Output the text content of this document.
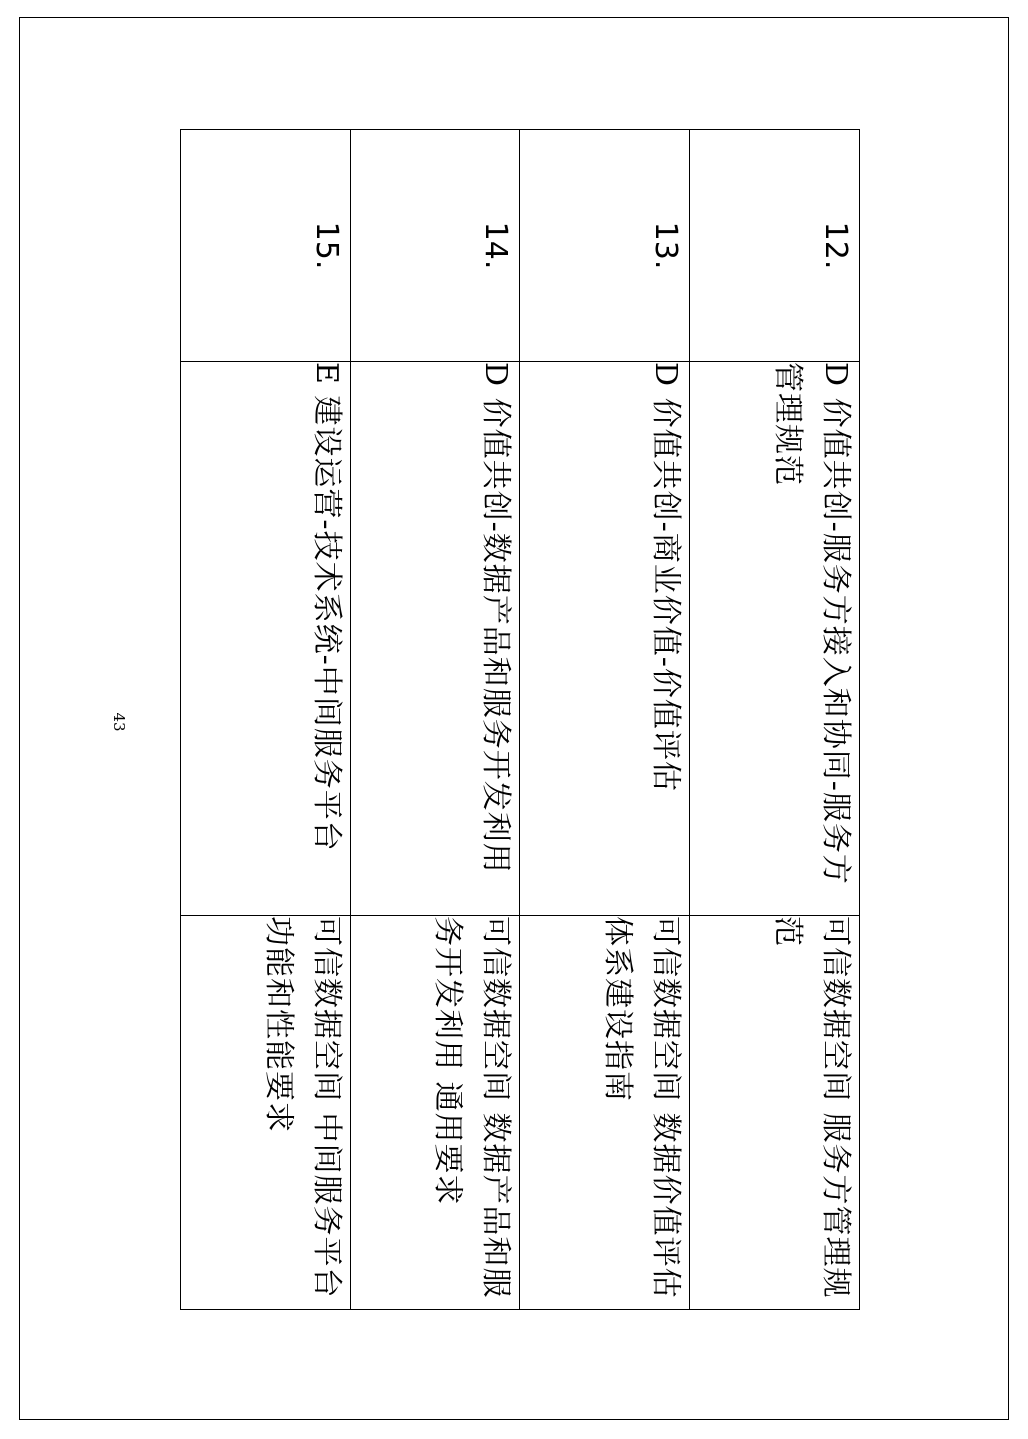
43
12.	D 价值共创-服务方接入和协同-服务方管理规范	可信数据空间 服务方管理规范

13.	D 价值共创-商业价值-价值评估	可信数据空间 数据价值评估体系建设指南

14.	D 价值共创-数据产品和服务开发利用	可信数据空间 数据产品和服务开发利用 通用要求

15.	E 建设运营-技术系统-中间服务平台	可信数据空间 中间服务平台功能和性能要求
